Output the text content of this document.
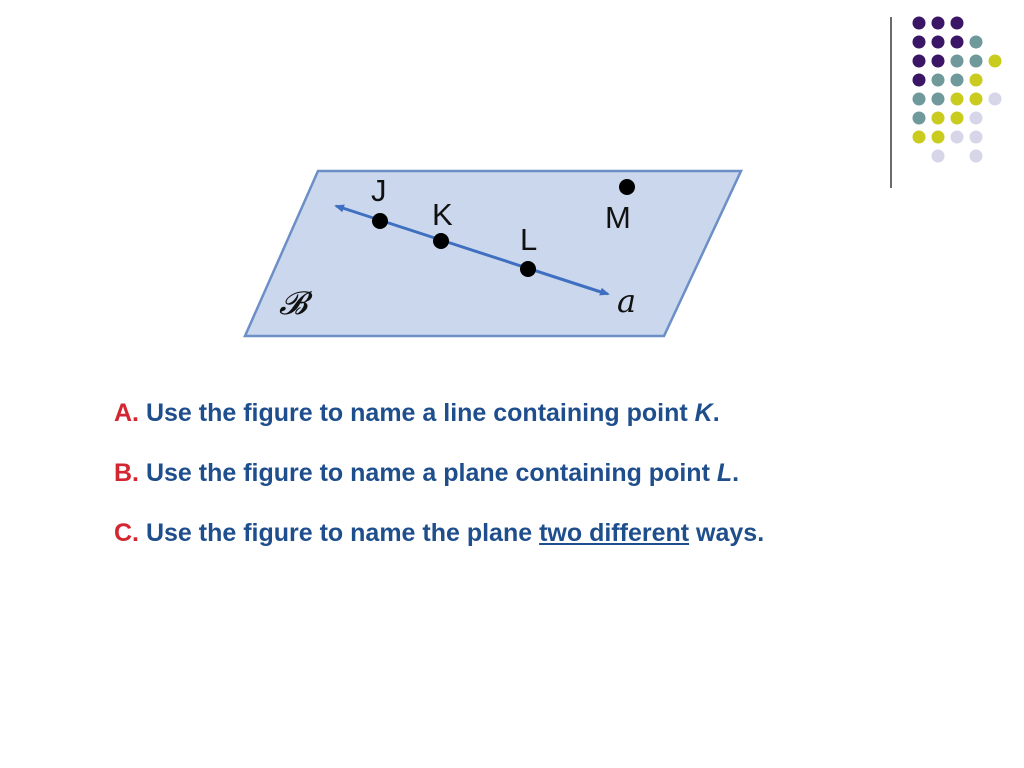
J
K
L
M
𝓑	a
A. Use the figure to name a line containing point K.
B. Use the figure to name a plane containing point L.
C. Use the figure to name the plane two different ways.
